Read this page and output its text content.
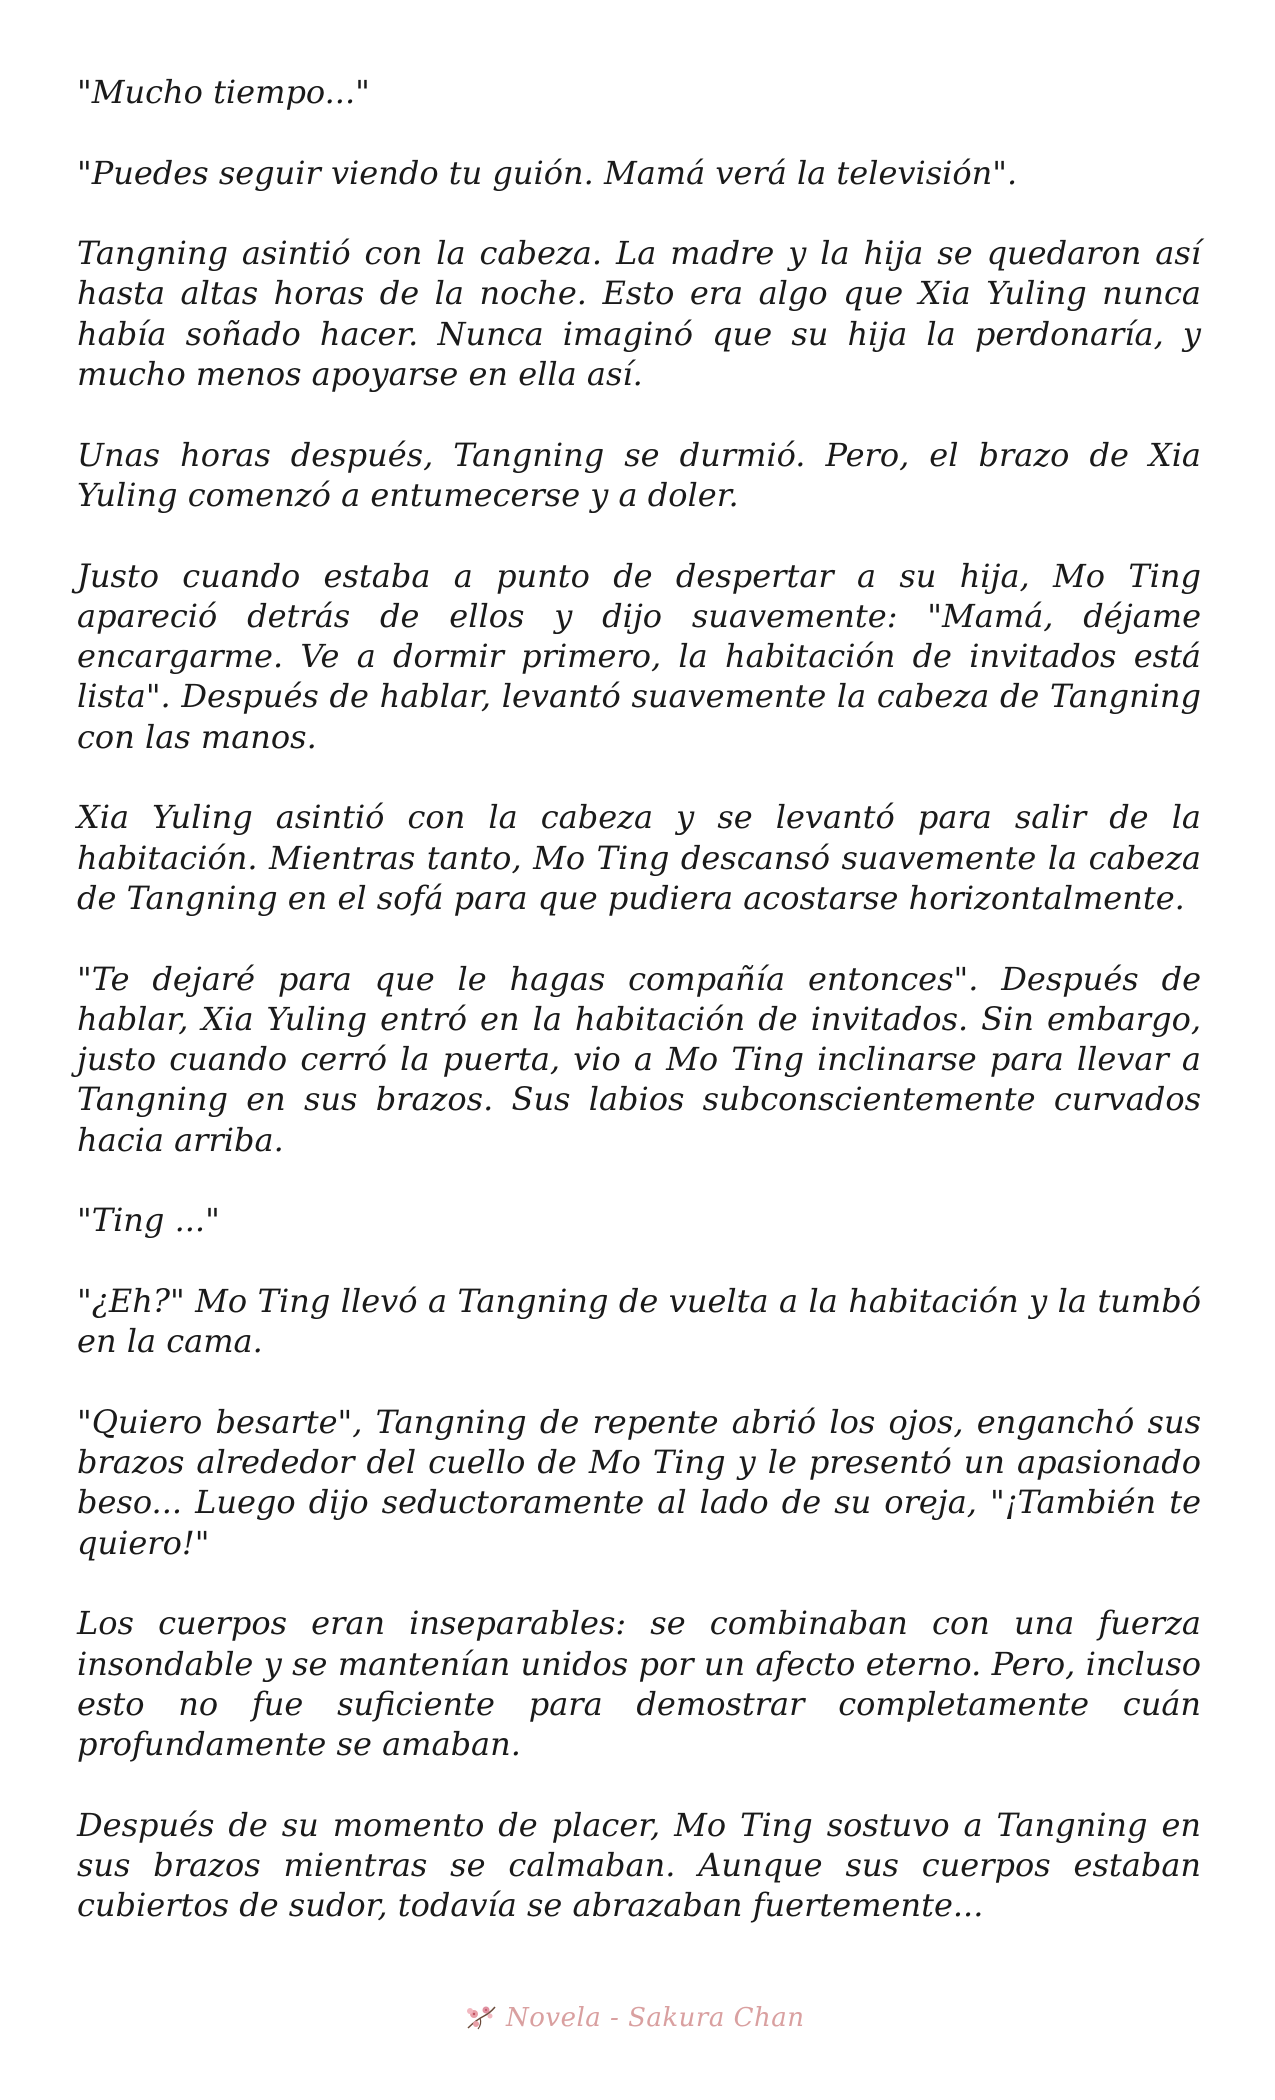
"Mucho tiempo..."

"Puedes seguir viendo tu guión. Mamá verá la televisión".

Tangning asintió con la cabeza. La madre y la hija se quedaron así hasta altas horas de la noche. Esto era algo que Xia Yuling nunca había soñado hacer. Nunca imaginó que su hija la perdonaría, y mucho menos apoyarse en ella así.

Unas horas después, Tangning se durmió. Pero, el brazo de Xia Yuling comenzó a entumecerse y a doler.

Justo cuando estaba a punto de despertar a su hija, Mo Ting apareció detrás de ellos y dijo suavemente: "Mamá, déjame encargarme. Ve a dormir primero, la habitación de invitados está lista". Después de hablar, levantó suavemente la cabeza de Tangning con las manos.

Xia Yuling asintió con la cabeza y se levantó para salir de la habitación. Mientras tanto, Mo Ting descansó suavemente la cabeza de Tangning en el sofá para que pudiera acostarse horizontalmente.

"Te dejaré para que le hagas compañía entonces". Después de hablar, Xia Yuling entró en la habitación de invitados. Sin embargo, justo cuando cerró la puerta, vio a Mo Ting inclinarse para llevar a Tangning en sus brazos. Sus labios subconscientemente curvados hacia arriba.

"Ting ..."

"¿Eh?" Mo Ting llevó a Tangning de vuelta a la habitación y la tumbó en la cama.

"Quiero besarte", Tangning de repente abrió los ojos, enganchó sus brazos alrededor del cuello de Mo Ting y le presentó un apasionado beso... Luego dijo seductoramente al lado de su oreja, "¡También te quiero!"

Los cuerpos eran inseparables: se combinaban con una fuerza insondable y se mantenían unidos por un afecto eterno. Pero, incluso esto no fue suficiente para demostrar completamente cuán profundamente se amaban.

Después de su momento de placer, Mo Ting sostuvo a Tangning en sus brazos mientras se calmaban. Aunque sus cuerpos estaban cubiertos de sudor, todavía se abrazaban fuertemente...

Novela - Sakura Chan
